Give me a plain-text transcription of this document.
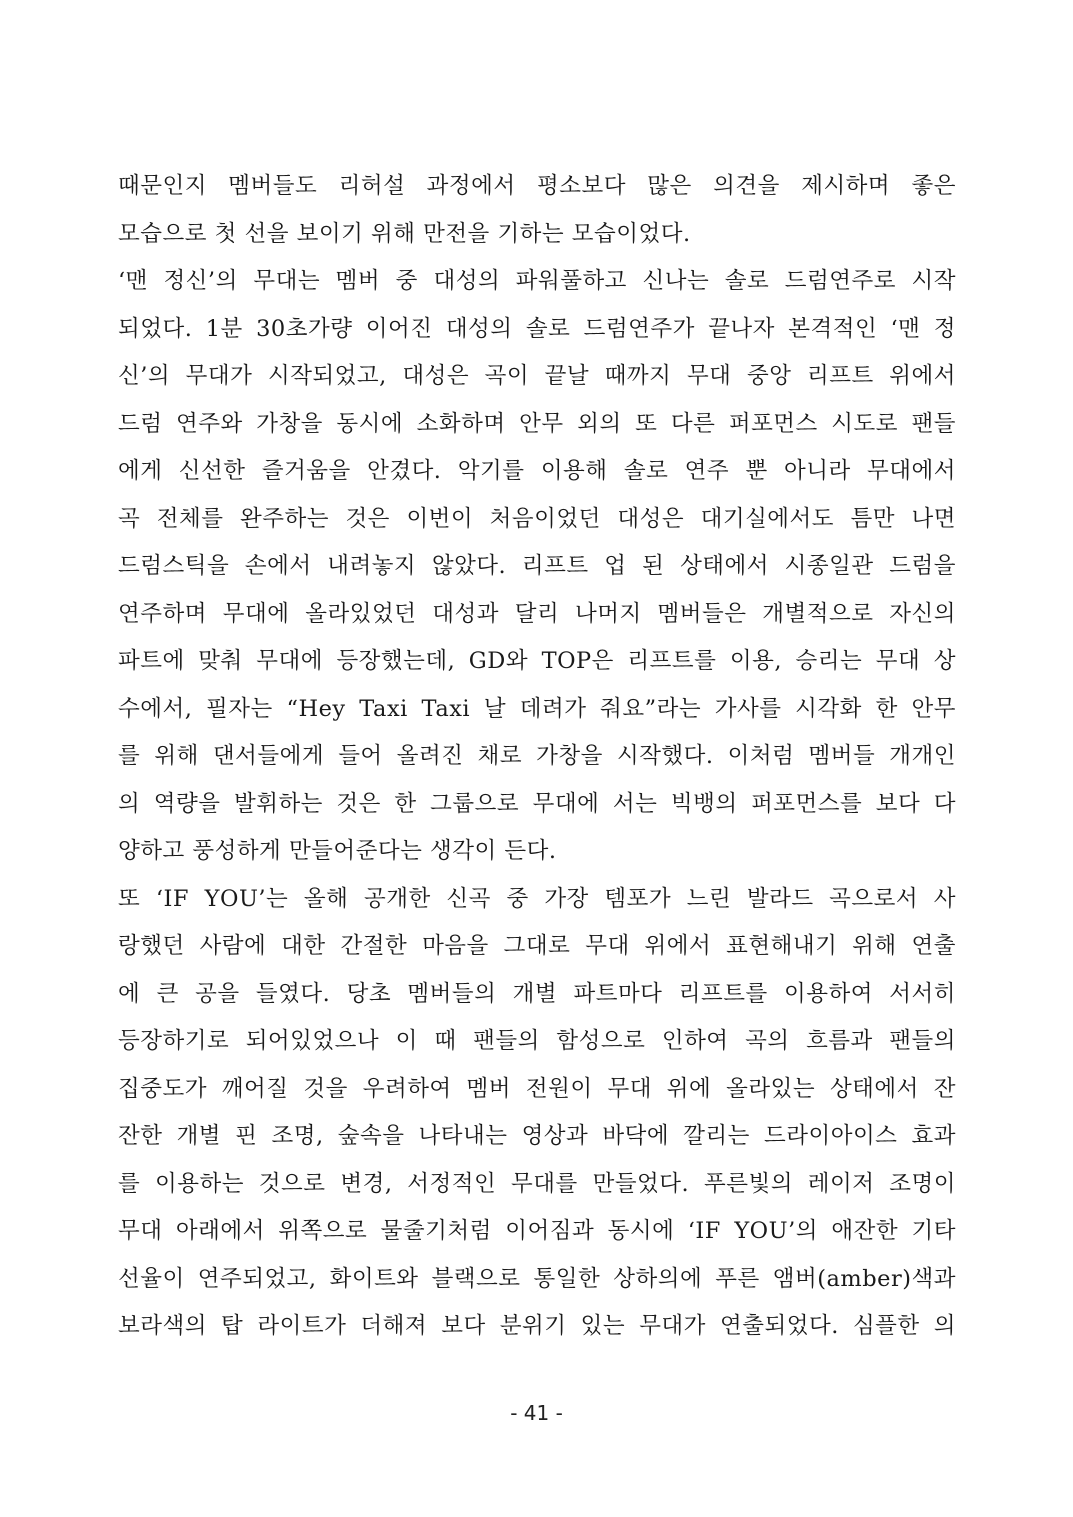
때문인지 멤버들도 리허설 과정에서 평소보다 많은 의견을 제시하며 좋은
모습으로 첫 선을 보이기 위해 만전을 기하는 모습이었다.
‘맨 정신’의 무대는 멤버 중 대성의 파워풀하고 신나는 솔로 드럼연주로 시작
되었다. 1분 30초가량 이어진 대성의 솔로 드럼연주가 끝나자 본격적인 ‘맨 정
신’의 무대가 시작되었고, 대성은 곡이 끝날 때까지 무대 중앙 리프트 위에서
드럼 연주와 가창을 동시에 소화하며 안무 외의 또 다른 퍼포먼스 시도로 팬들
에게 신선한 즐거움을 안겼다. 악기를 이용해 솔로 연주 뿐 아니라 무대에서
곡 전체를 완주하는 것은 이번이 처음이었던 대성은 대기실에서도 틈만 나면
드럼스틱을 손에서 내려놓지 않았다. 리프트 업 된 상태에서 시종일관 드럼을
연주하며 무대에 올라있었던 대성과 달리 나머지 멤버들은 개별적으로 자신의
파트에 맞춰 무대에 등장했는데, GD와 TOP은 리프트를 이용, 승리는 무대 상
수에서, 필자는 “Hey Taxi Taxi 날 데려가 줘요”라는 가사를 시각화 한 안무
를 위해 댄서들에게 들어 올려진 채로 가창을 시작했다. 이처럼 멤버들 개개인
의 역량을 발휘하는 것은 한 그룹으로 무대에 서는 빅뱅의 퍼포먼스를 보다 다
양하고 풍성하게 만들어준다는 생각이 든다.
또 ‘IF YOU’는 올해 공개한 신곡 중 가장 템포가 느린 발라드 곡으로서 사
랑했던 사람에 대한 간절한 마음을 그대로 무대 위에서 표현해내기 위해 연출
에 큰 공을 들였다. 당초 멤버들의 개별 파트마다 리프트를 이용하여 서서히
등장하기로 되어있었으나 이 때 팬들의 함성으로 인하여 곡의 흐름과 팬들의
집중도가 깨어질 것을 우려하여 멤버 전원이 무대 위에 올라있는 상태에서 잔
잔한 개별 핀 조명, 숲속을 나타내는 영상과 바닥에 깔리는 드라이아이스 효과
를 이용하는 것으로 변경, 서정적인 무대를 만들었다. 푸른빛의 레이저 조명이
무대 아래에서 위쪽으로 물줄기처럼 이어짐과 동시에 ‘IF YOU’의 애잔한 기타
선율이 연주되었고, 화이트와 블랙으로 통일한 상하의에 푸른 앰버(amber)색과
보라색의 탑 라이트가 더해져 보다 분위기 있는 무대가 연출되었다. 심플한 의
- 41 -
